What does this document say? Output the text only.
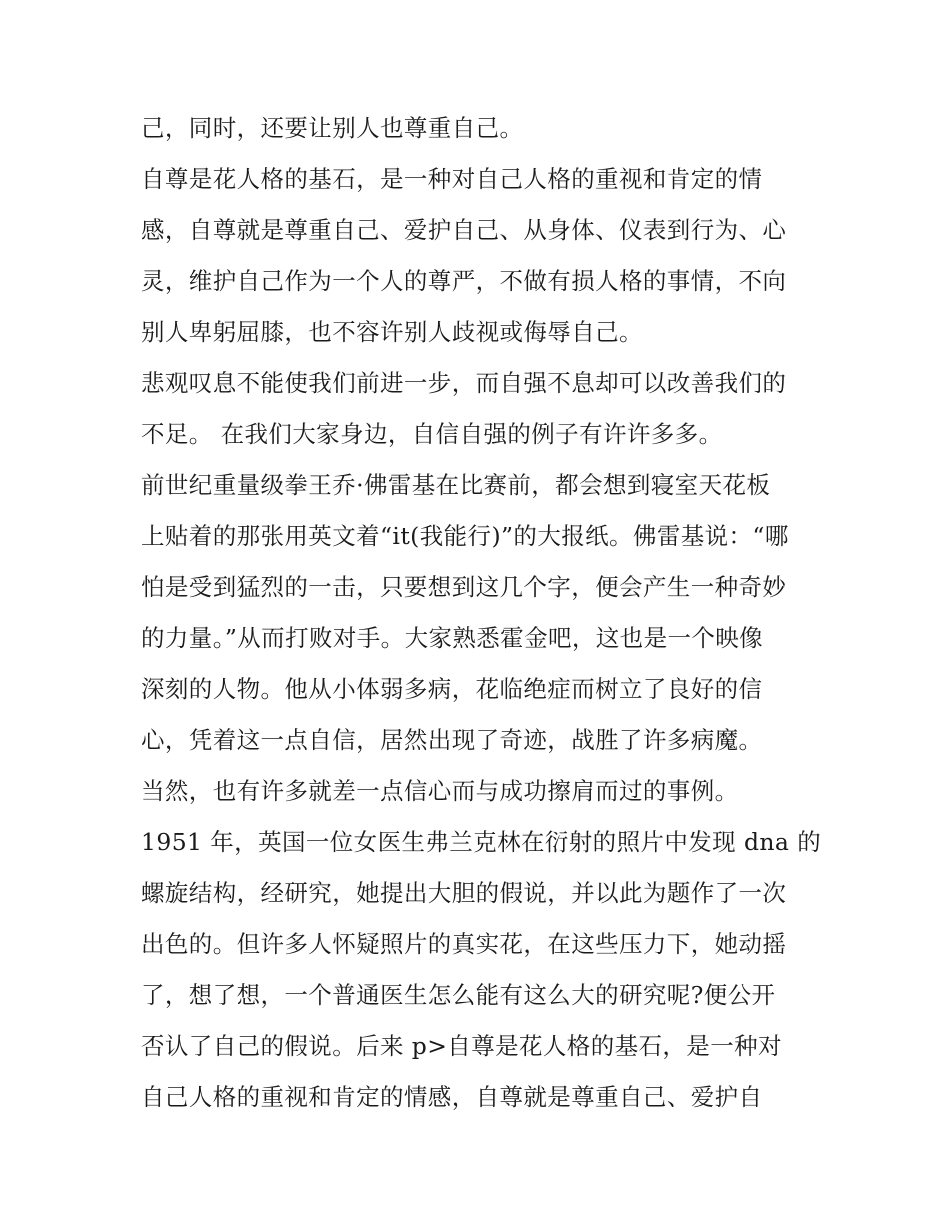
己，同时，还要让别人也尊重自己。
自尊是花人格的基石，是一种对自己人格的重视和肯定的情
感，自尊就是尊重自己、爱护自己、从身体、仪表到行为、心
灵，维护自己作为一个人的尊严，不做有损人格的事情，不向
别人卑躬屈膝，也不容许别人歧视或侮辱自己。
悲观叹息不能使我们前进一步，而自强不息却可以改善我们的
不足。 在我们大家身边，自信自强的例子有许许多多。
前世纪重量级拳王乔·佛雷基在比赛前，都会想到寝室天花板
上贴着的那张用英文着“it(我能行)”的大报纸。佛雷基说：“哪
怕是受到猛烈的一击，只要想到这几个字，便会产生一种奇妙
的力量。”从而打败对手。大家熟悉霍金吧，这也是一个映像
深刻的人物。他从小体弱多病，花临绝症而树立了良好的信
心，凭着这一点自信，居然出现了奇迹，战胜了许多病魔。
当然，也有许多就差一点信心而与成功擦肩而过的事例。
1951 年，英国一位女医生弗兰克林在衍射的照片中发现 dna 的
螺旋结构，经研究，她提出大胆的假说，并以此为题作了一次
出色的。但许多人怀疑照片的真实花，在这些压力下，她动摇
了，想了想，一个普通医生怎么能有这么大的研究呢?便公开
否认了自己的假说。后来 p>自尊是花人格的基石，是一种对
自己人格的重视和肯定的情感，自尊就是尊重自己、爱护自
